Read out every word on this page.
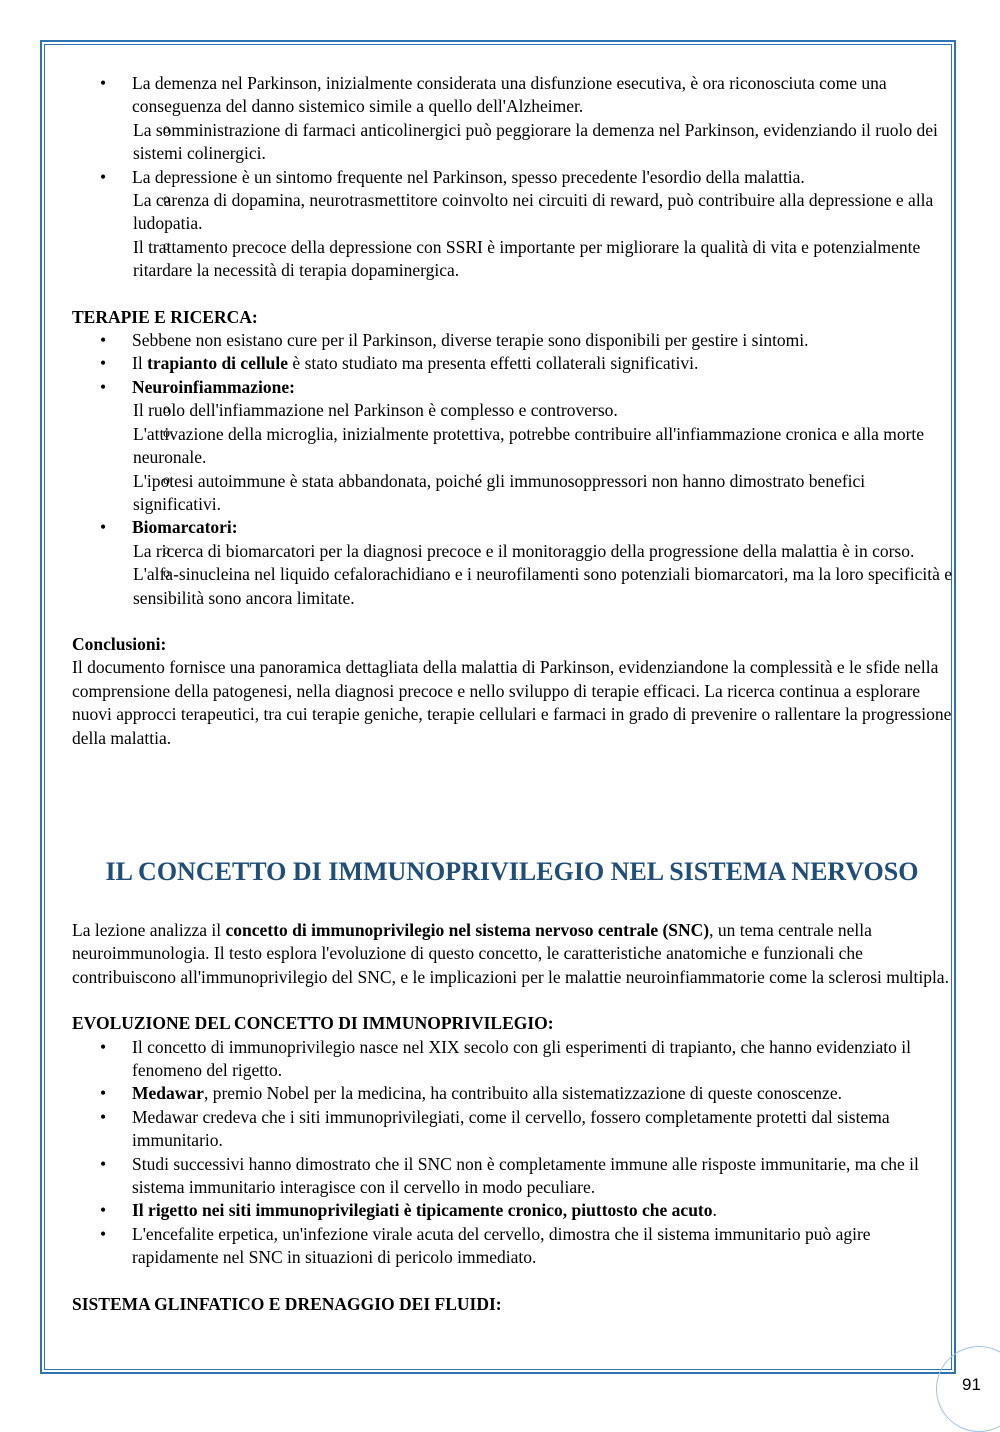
• La demenza nel Parkinson, inizialmente considerata una disfunzione esecutiva, è ora riconosciuta come una conseguenza del danno sistemico simile a quello dell'Alzheimer.
o La somministrazione di farmaci anticolinergici può peggiorare la demenza nel Parkinson, evidenziando il ruolo dei sistemi colinergici.
• La depressione è un sintomo frequente nel Parkinson, spesso precedente l'esordio della malattia.
o La carenza di dopamina, neurotrasmettitore coinvolto nei circuiti di reward, può contribuire alla depressione e alla ludopatia.
o Il trattamento precoce della depressione con SSRI è importante per migliorare la qualità di vita e potenzialmente ritardare la necessità di terapia dopaminergica.

TERAPIE E RICERCA:

• Sebbene non esistano cure per il Parkinson, diverse terapie sono disponibili per gestire i sintomi.
• Il trapianto di cellule è stato studiato ma presenta effetti collaterali significativi.
• Neuroinfiammazione:
o Il ruolo dell'infiammazione nel Parkinson è complesso e controverso.
o L'attivazione della microglia, inizialmente protettiva, potrebbe contribuire all'infiammazione cronica e alla morte neuronale.
o L'ipotesi autoimmune è stata abbandonata, poiché gli immunosoppressori non hanno dimostrato benefici significativi.
• Biomarcatori:
o La ricerca di biomarcatori per la diagnosi precoce e il monitoraggio della progressione della malattia è in corso.
o L'alfa-sinucleina nel liquido cefalorachidiano e i neurofilamenti sono potenziali biomarcatori, ma la loro specificità e sensibilità sono ancora limitate.

Conclusioni:

Il documento fornisce una panoramica dettagliata della malattia di Parkinson, evidenziandone la complessità e le sfide nella comprensione della patogenesi, nella diagnosi precoce e nello sviluppo di terapie efficaci. La ricerca continua a esplorare nuovi approcci terapeutici, tra cui terapie geniche, terapie cellulari e farmaci in grado di prevenire o rallentare la progressione della malattia.

IL CONCETTO DI IMMUNOPRIVILEGIO NEL SISTEMA NERVOSO

La lezione analizza il concetto di immunoprivilegio nel sistema nervoso centrale (SNC), un tema centrale nella neuroimmunologia. Il testo esplora l'evoluzione di questo concetto, le caratteristiche anatomiche e funzionali che contribuiscono all'immunoprivilegio del SNC, e le implicazioni per le malattie neuroinfiammatorie come la sclerosi multipla.

EVOLUZIONE DEL CONCETTO DI IMMUNOPRIVILEGIO:

• Il concetto di immunoprivilegio nasce nel XIX secolo con gli esperimenti di trapianto, che hanno evidenziato il fenomeno del rigetto.
• Medawar, premio Nobel per la medicina, ha contribuito alla sistematizzazione di queste conoscenze.
• Medawar credeva che i siti immunoprivilegiati, come il cervello, fossero completamente protetti dal sistema immunitario.
• Studi successivi hanno dimostrato che il SNC non è completamente immune alle risposte immunitarie, ma che il sistema immunitario interagisce con il cervello in modo peculiare.
• Il rigetto nei siti immunoprivilegiati è tipicamente cronico, piuttosto che acuto.
• L'encefalite erpetica, un'infezione virale acuta del cervello, dimostra che il sistema immunitario può agire rapidamente nel SNC in situazioni di pericolo immediato.

SISTEMA GLINFATICO E DRENAGGIO DEI FLUIDI:

91
